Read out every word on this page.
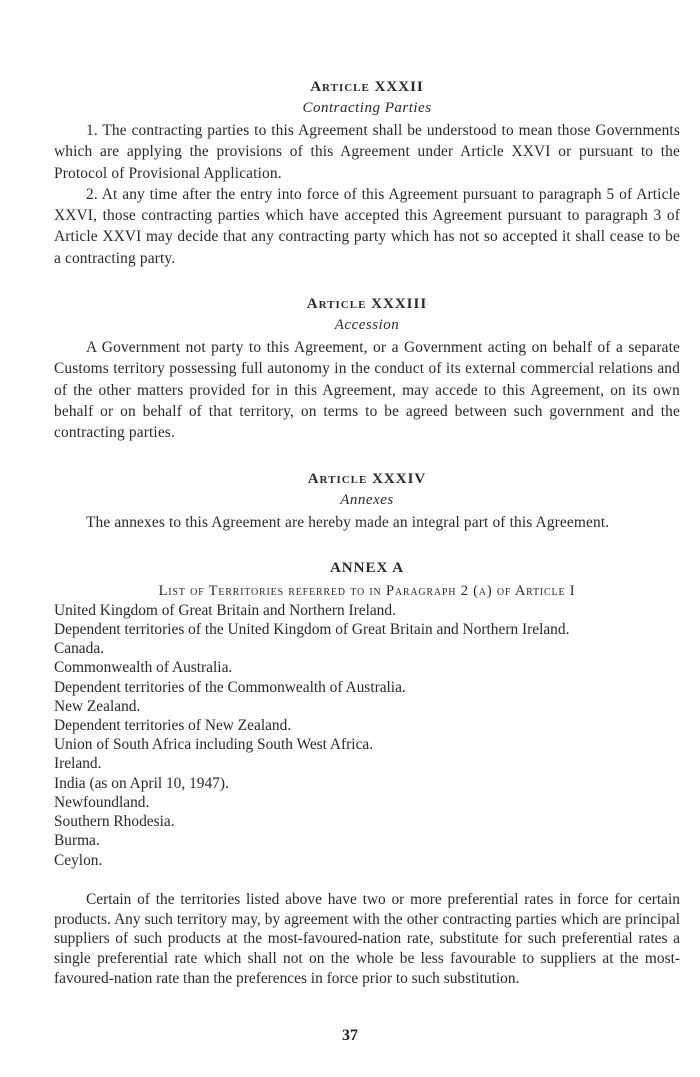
Article XXXII
Contracting Parties

1. The contracting parties to this Agreement shall be understood to mean those Governments which are applying the provisions of this Agreement under Article XXVI or pursuant to the Protocol of Provisional Application.

2. At any time after the entry into force of this Agreement pursuant to paragraph 5 of Article XXVI, those contracting parties which have accepted this Agreement pursuant to paragraph 3 of Article XXVI may decide that any contracting party which has not so accepted it shall cease to be a contracting party.

Article XXXIII
Accession

A Government not party to this Agreement, or a Government acting on behalf of a separate Customs territory possessing full autonomy in the conduct of its external commercial relations and of the other matters provided for in this Agreement, may accede to this Agreement, on its own behalf or on behalf of that territory, on terms to be agreed between such government and the contracting parties.

Article XXXIV
Annexes

The annexes to this Agreement are hereby made an integral part of this Agreement.

ANNEX A
List of Territories referred to in Paragraph 2 (a) of Article I
United Kingdom of Great Britain and Northern Ireland.
Dependent territories of the United Kingdom of Great Britain and Northern Ireland.
Canada.
Commonwealth of Australia.
Dependent territories of the Commonwealth of Australia.
New Zealand.
Dependent territories of New Zealand.
Union of South Africa including South West Africa.
Ireland.
India (as on April 10, 1947).
Newfoundland.
Southern Rhodesia.
Burma.
Ceylon.

Certain of the territories listed above have two or more preferential rates in force for certain products. Any such territory may, by agreement with the other contracting parties which are principal suppliers of such products at the most-favoured-nation rate, substitute for such preferential rates a single preferential rate which shall not on the whole be less favourable to suppliers at the most-favoured-nation rate than the preferences in force prior to such substitution.

37
